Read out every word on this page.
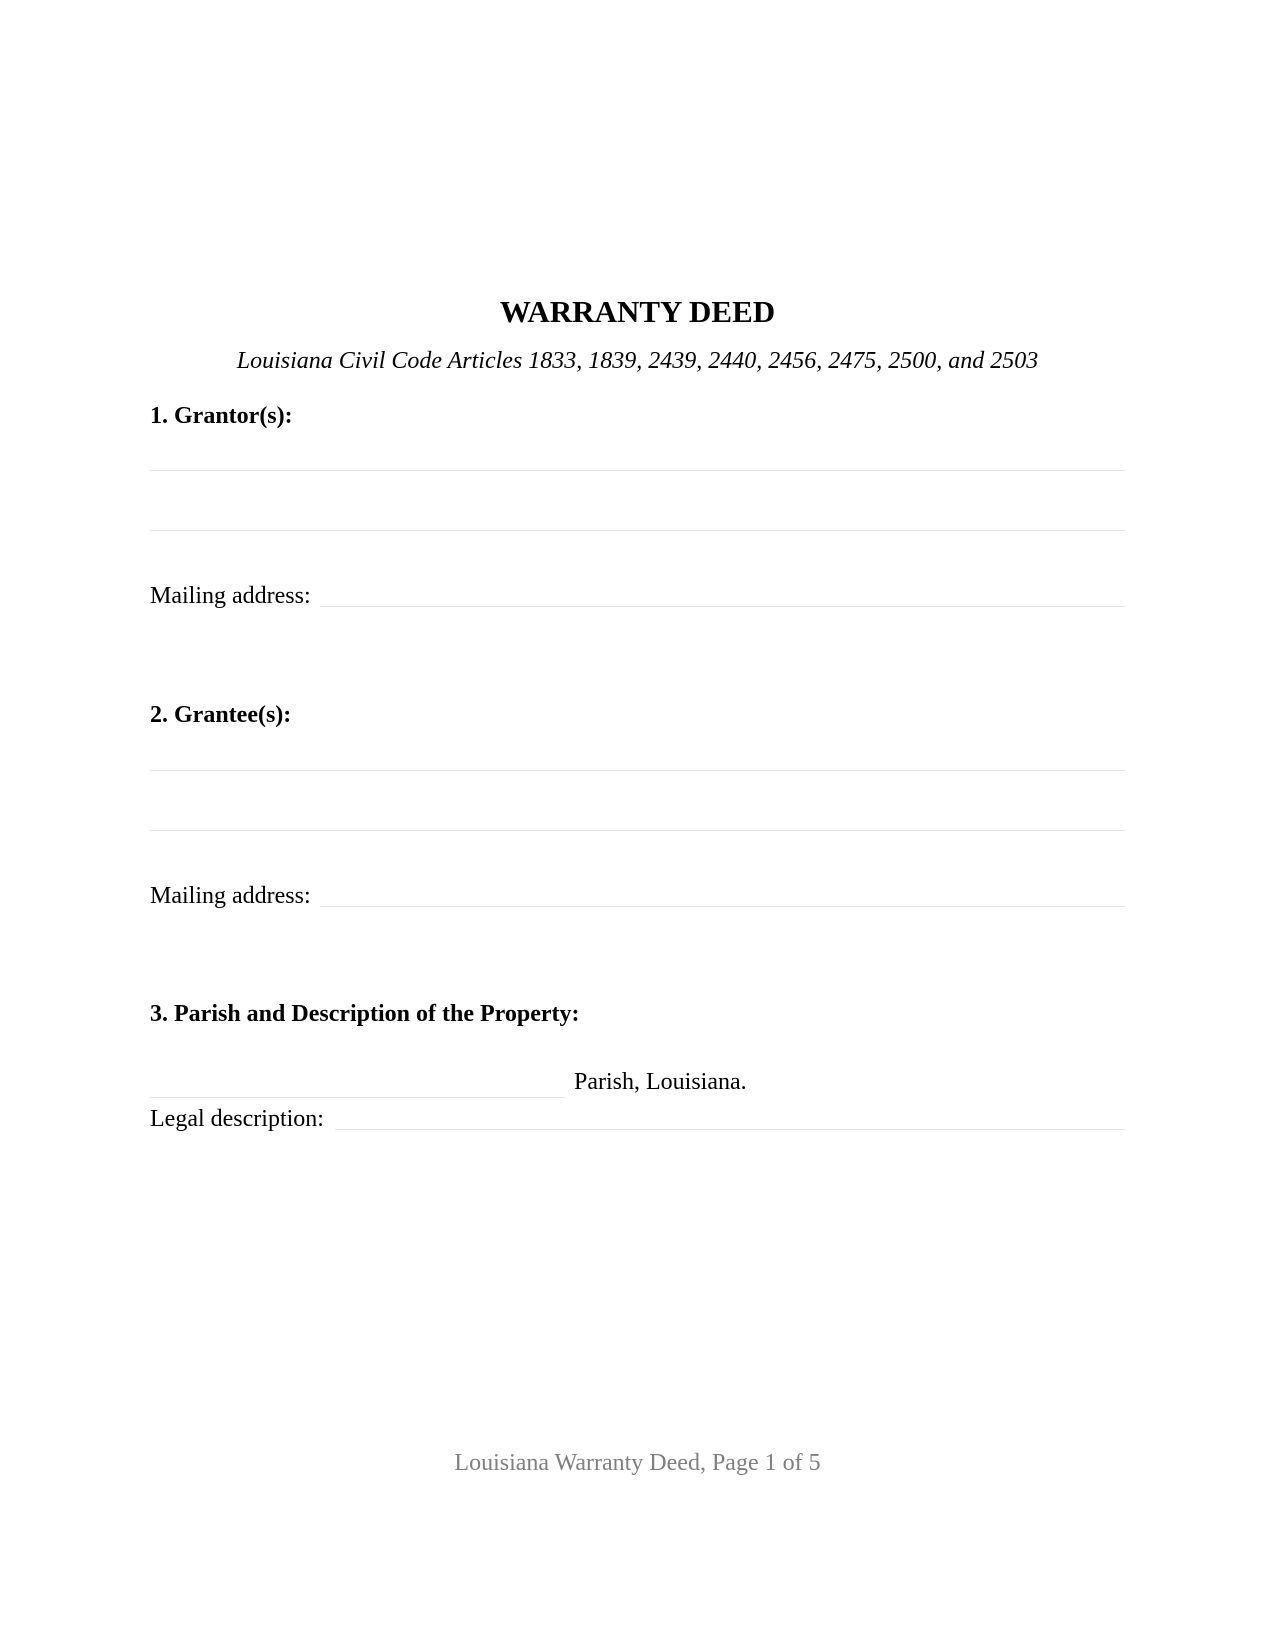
WARRANTY DEED
Louisiana Civil Code Articles 1833, 1839, 2439, 2440, 2456, 2475, 2500, and 2503
1. Grantor(s):
Mailing address:
2. Grantee(s):
Mailing address:
3. Parish and Description of the Property:
Parish, Louisiana.
Legal description:
Louisiana Warranty Deed, Page 1 of 5
